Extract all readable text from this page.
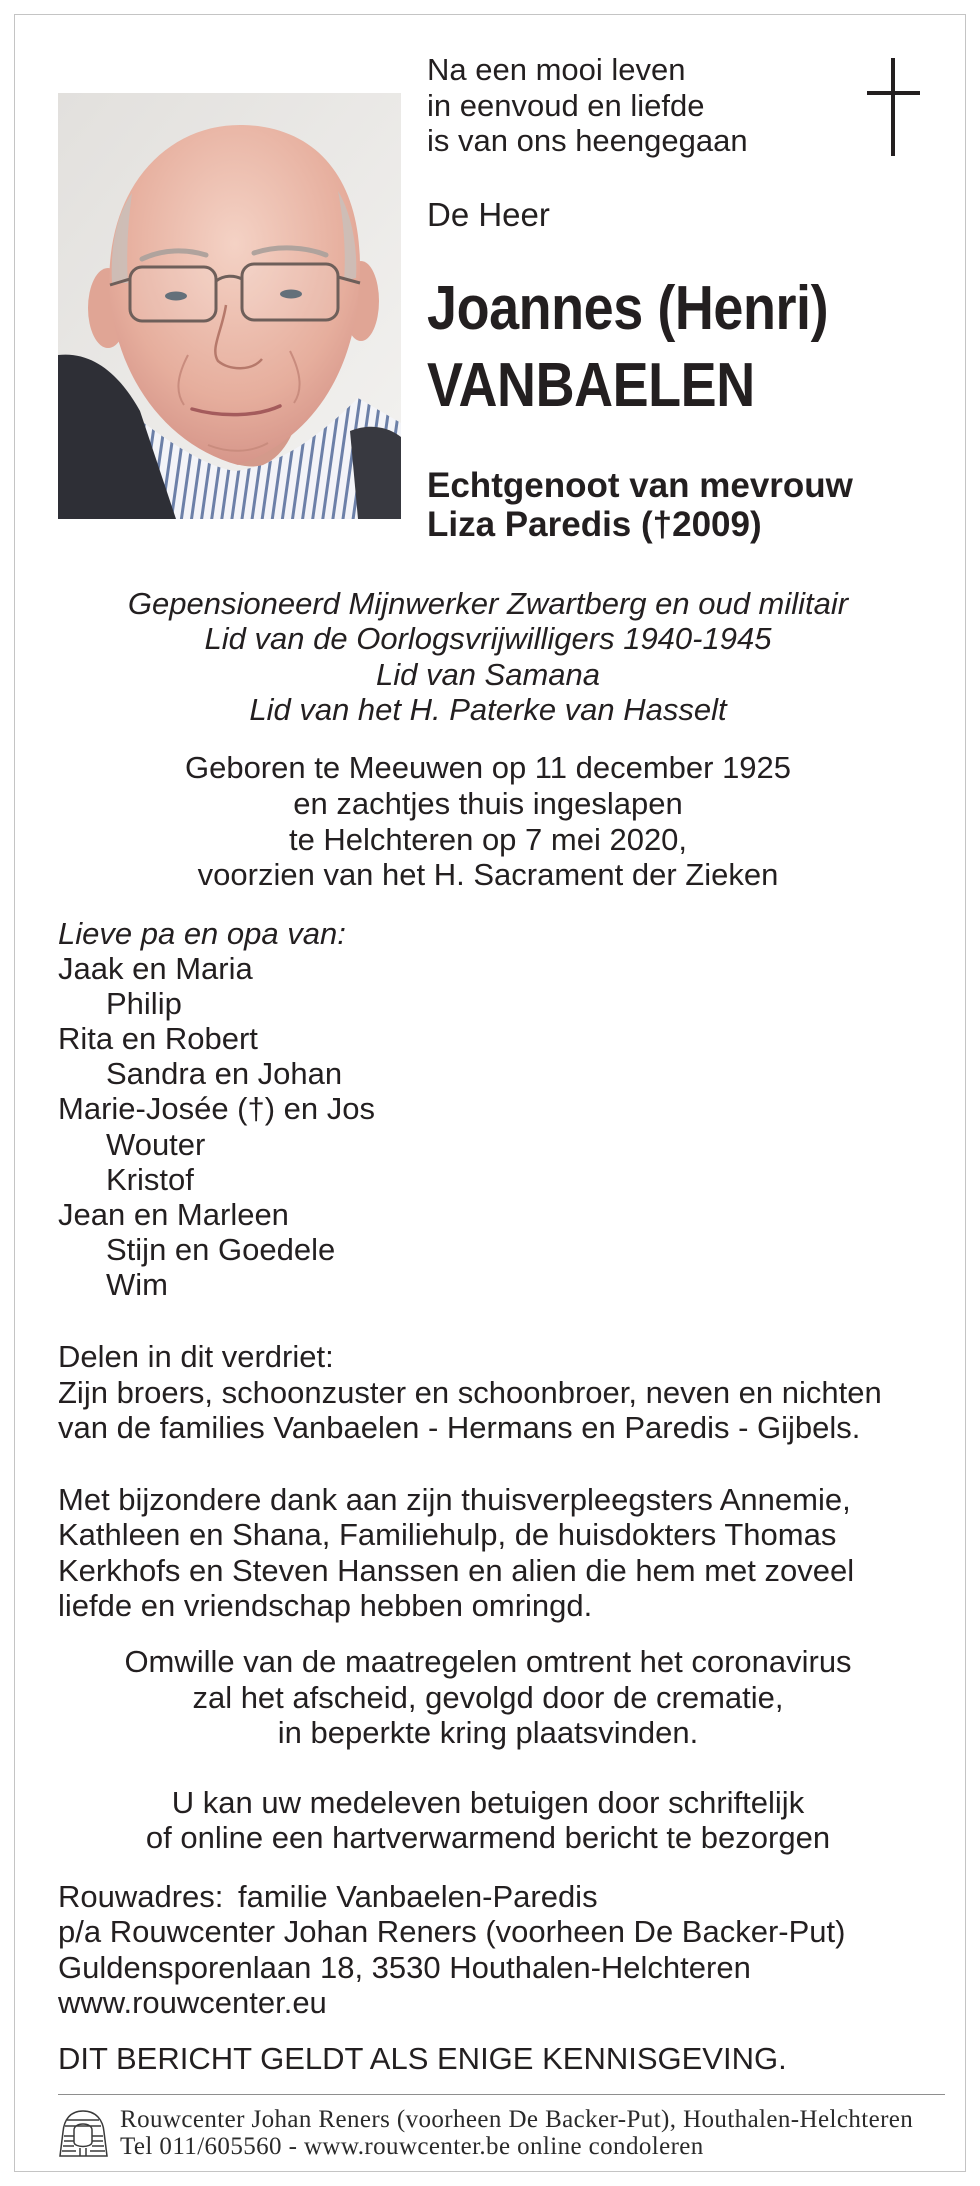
Na een mooi leven
in eenvoud en liefde
is van ons heengegaan
De Heer
Joannes (Henri)
VANBAELEN
Echtgenoot van mevrouw
Liza Paredis (†2009)
Gepensioneerd Mijnwerker Zwartberg en oud militair
Lid van de Oorlogsvrijwilligers 1940-1945
Lid van Samana
Lid van het H. Paterke van Hasselt
Geboren te Meeuwen op 11 december 1925
en zachtjes thuis ingeslapen
te Helchteren op 7 mei 2020,
voorzien van het H. Sacrament der Zieken
Lieve pa en opa van:
Jaak en Maria
Philip
Rita en Robert
Sandra en Johan
Marie-Josée (†) en Jos
Wouter
Kristof
Jean en Marleen
Stijn en Goedele
Wim
Delen in dit verdriet:
Zijn broers, schoonzuster en schoonbroer, neven en nichten
van de families Vanbaelen - Hermans en Paredis - Gijbels.
Met bijzondere dank aan zijn thuisverpleegsters Annemie,
Kathleen en Shana, Familiehulp, de huisdokters Thomas
Kerkhofs en Steven Hanssen en alien die hem met zoveel
liefde en vriendschap hebben omringd.
Omwille van de maatregelen omtrent het coronavirus
zal het afscheid, gevolgd door de crematie,
in beperkte kring plaatsvinden.
U kan uw medeleven betuigen door schriftelijk
of online een hartverwarmend bericht te bezorgen
Rouwadres: familie Vanbaelen-Paredis
p/a Rouwcenter Johan Reners (voorheen De Backer-Put)
Guldensporenlaan 18, 3530 Houthalen-Helchteren
www.rouwcenter.eu
DIT BERICHT GELDT ALS ENIGE KENNISGEVING.
Rouwcenter Johan Reners (voorheen De Backer-Put), Houthalen-Helchteren
Tel 011/605560 - www.rouwcenter.be online condoleren
